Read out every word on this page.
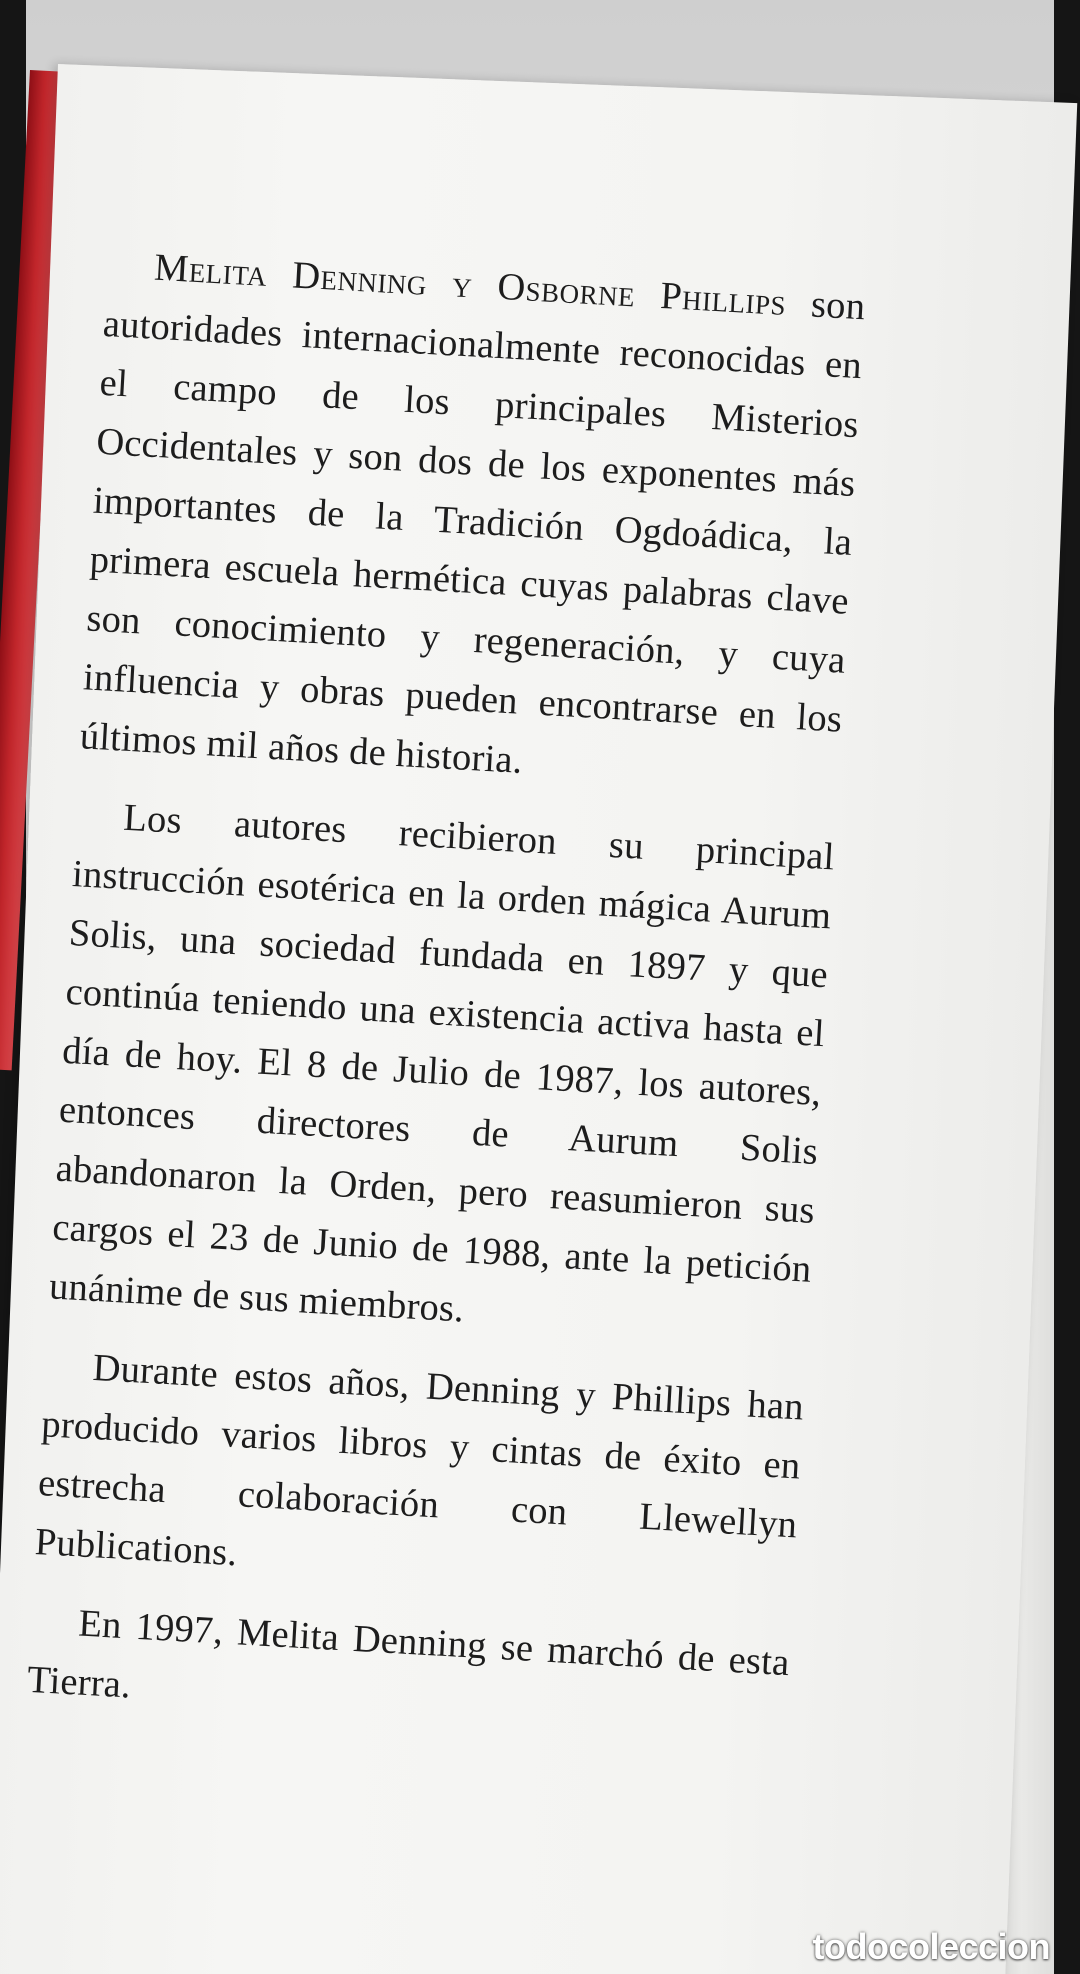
Melita Denning y Osborne Phillips son autoridades internacionalmente reconocidas en el campo de los principales Misterios Occidentales y son dos de los exponentes más importantes de la Tradición Ogdoádica, la primera escuela hermética cuyas palabras clave son conocimiento y regeneración, y cuya influencia y obras pueden encontrarse en los últimos mil años de historia.

Los autores recibieron su principal instrucción esotérica en la orden mágica Aurum Solis, una sociedad fundada en 1897 y que continúa teniendo una existencia activa hasta el día de hoy. El 8 de Julio de 1987, los autores, entonces directores de Aurum Solis abandonaron la Orden, pero reasumieron sus cargos el 23 de Junio de 1988, ante la petición unánime de sus miembros.

Durante estos años, Denning y Phillips han producido varios libros y cintas de éxito en estrecha colaboración con Llewellyn Publications.

En 1997, Melita Denning se marchó de esta Tierra.

todocoleccion
